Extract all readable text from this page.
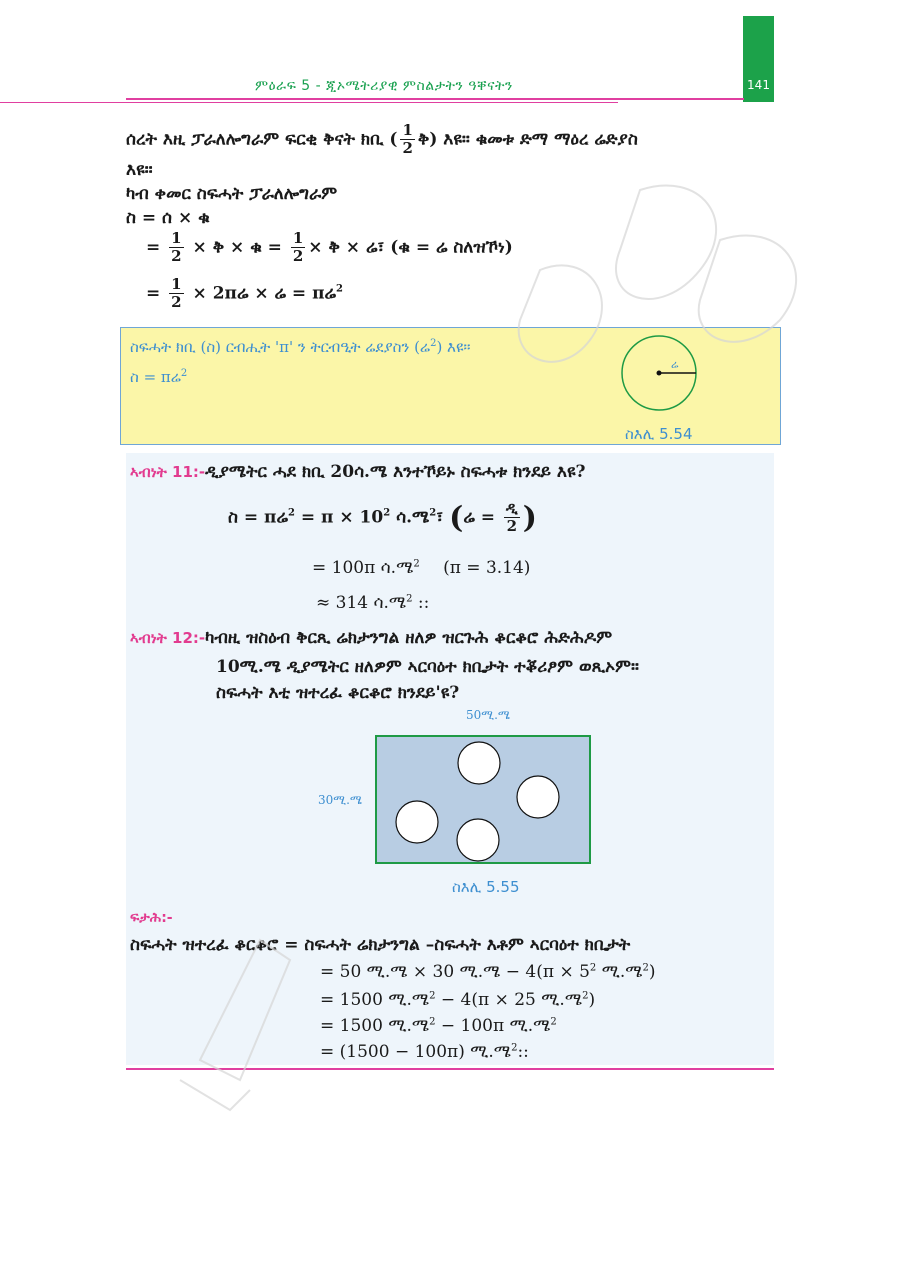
141
ምዕራፍ 5 - ጂኦሜትሪያዊ ምስልታትን ዓቐናትን
ሰረት እዚ ፓራለሎግራም ፍርቂ ቅናት ክቢ ( $\frac{1}{2}$ ቅ) እዩ። ቁመቱ ድማ ማዕረ ሬድያስ
እዩ።
ካብ ቀመር ስፍሓት ፓራለሎግራም
ስ = ሰ × ቁ
= $\frac{1}{2}$ × ቅ × ቁ = $\frac{1}{2}$ × ቅ × ሬ፣ (ቁ = ሬ ስለዝኾነ)
= $\frac{1}{2}$ × 2πሬ × ሬ = πሬ$^2$
ስፍሓት ክቢ (ስ) ርብሒት 'π' ን ትርብዒት ሬደያስን (ሬ$^2$) እዩ።
ስ = πሬ$^2$
ሬ
ስእሊ 5.54
ኣብነት 11:-ዲያሜትር ሓደ ክቢ 20ሳ.ሜ እንተኾይኑ ስፍሓቱ ክንደይ እዩ?
ስ = πሬ$^2$ = $\pi \times 10^2$ ሳ.ሜ$^2$፣ (ሬ = $\frac{\text{ዲ}}{2}$ )
= 100π ሳ.ሜ$^2$ (π = 3.14)
≈ 314 ሳ.ሜ$^2$ ::
ኣብነት 12:-ካብዚ ዝስዕብ ቅርጺ ሬክታንግል ዘለዎ ዝርጉሕ ቆርቆሮ ሕድሕዶም
10ሚ.ሜ ዲያሜትር ዘለዎም ኣርባዕተ ክቢታት ተቖሪፆም ወጺኦም።
ስፍሓት እቲ ዝተረፈ ቆርቆሮ ክንደይ'ዩ?
50ሚ.ሜ
30ሚ.ሜ
ስእሊ 5.55
ፍታሕ:-
ስፍሓት ዝተረፈ ቆርቆሮ = ስፍሓት ሬክታንግል –ስፍሓት እቶም ኣርባዕተ ክቢታት
= 50 ሚ.ሜ × 30 ሚ.ሜ − $4(\pi \times 5^2$ ሚ.ሜ$^2$)
= 1500 ሚ.ሜ$^2$ − 4(π × 25 ሚ.ሜ$^2$)
= 1500 ሚ.ሜ$^2$ − 100π ሚ.ሜ$^2$
= (1500 − 100π) ሚ.ሜ$^2$::
